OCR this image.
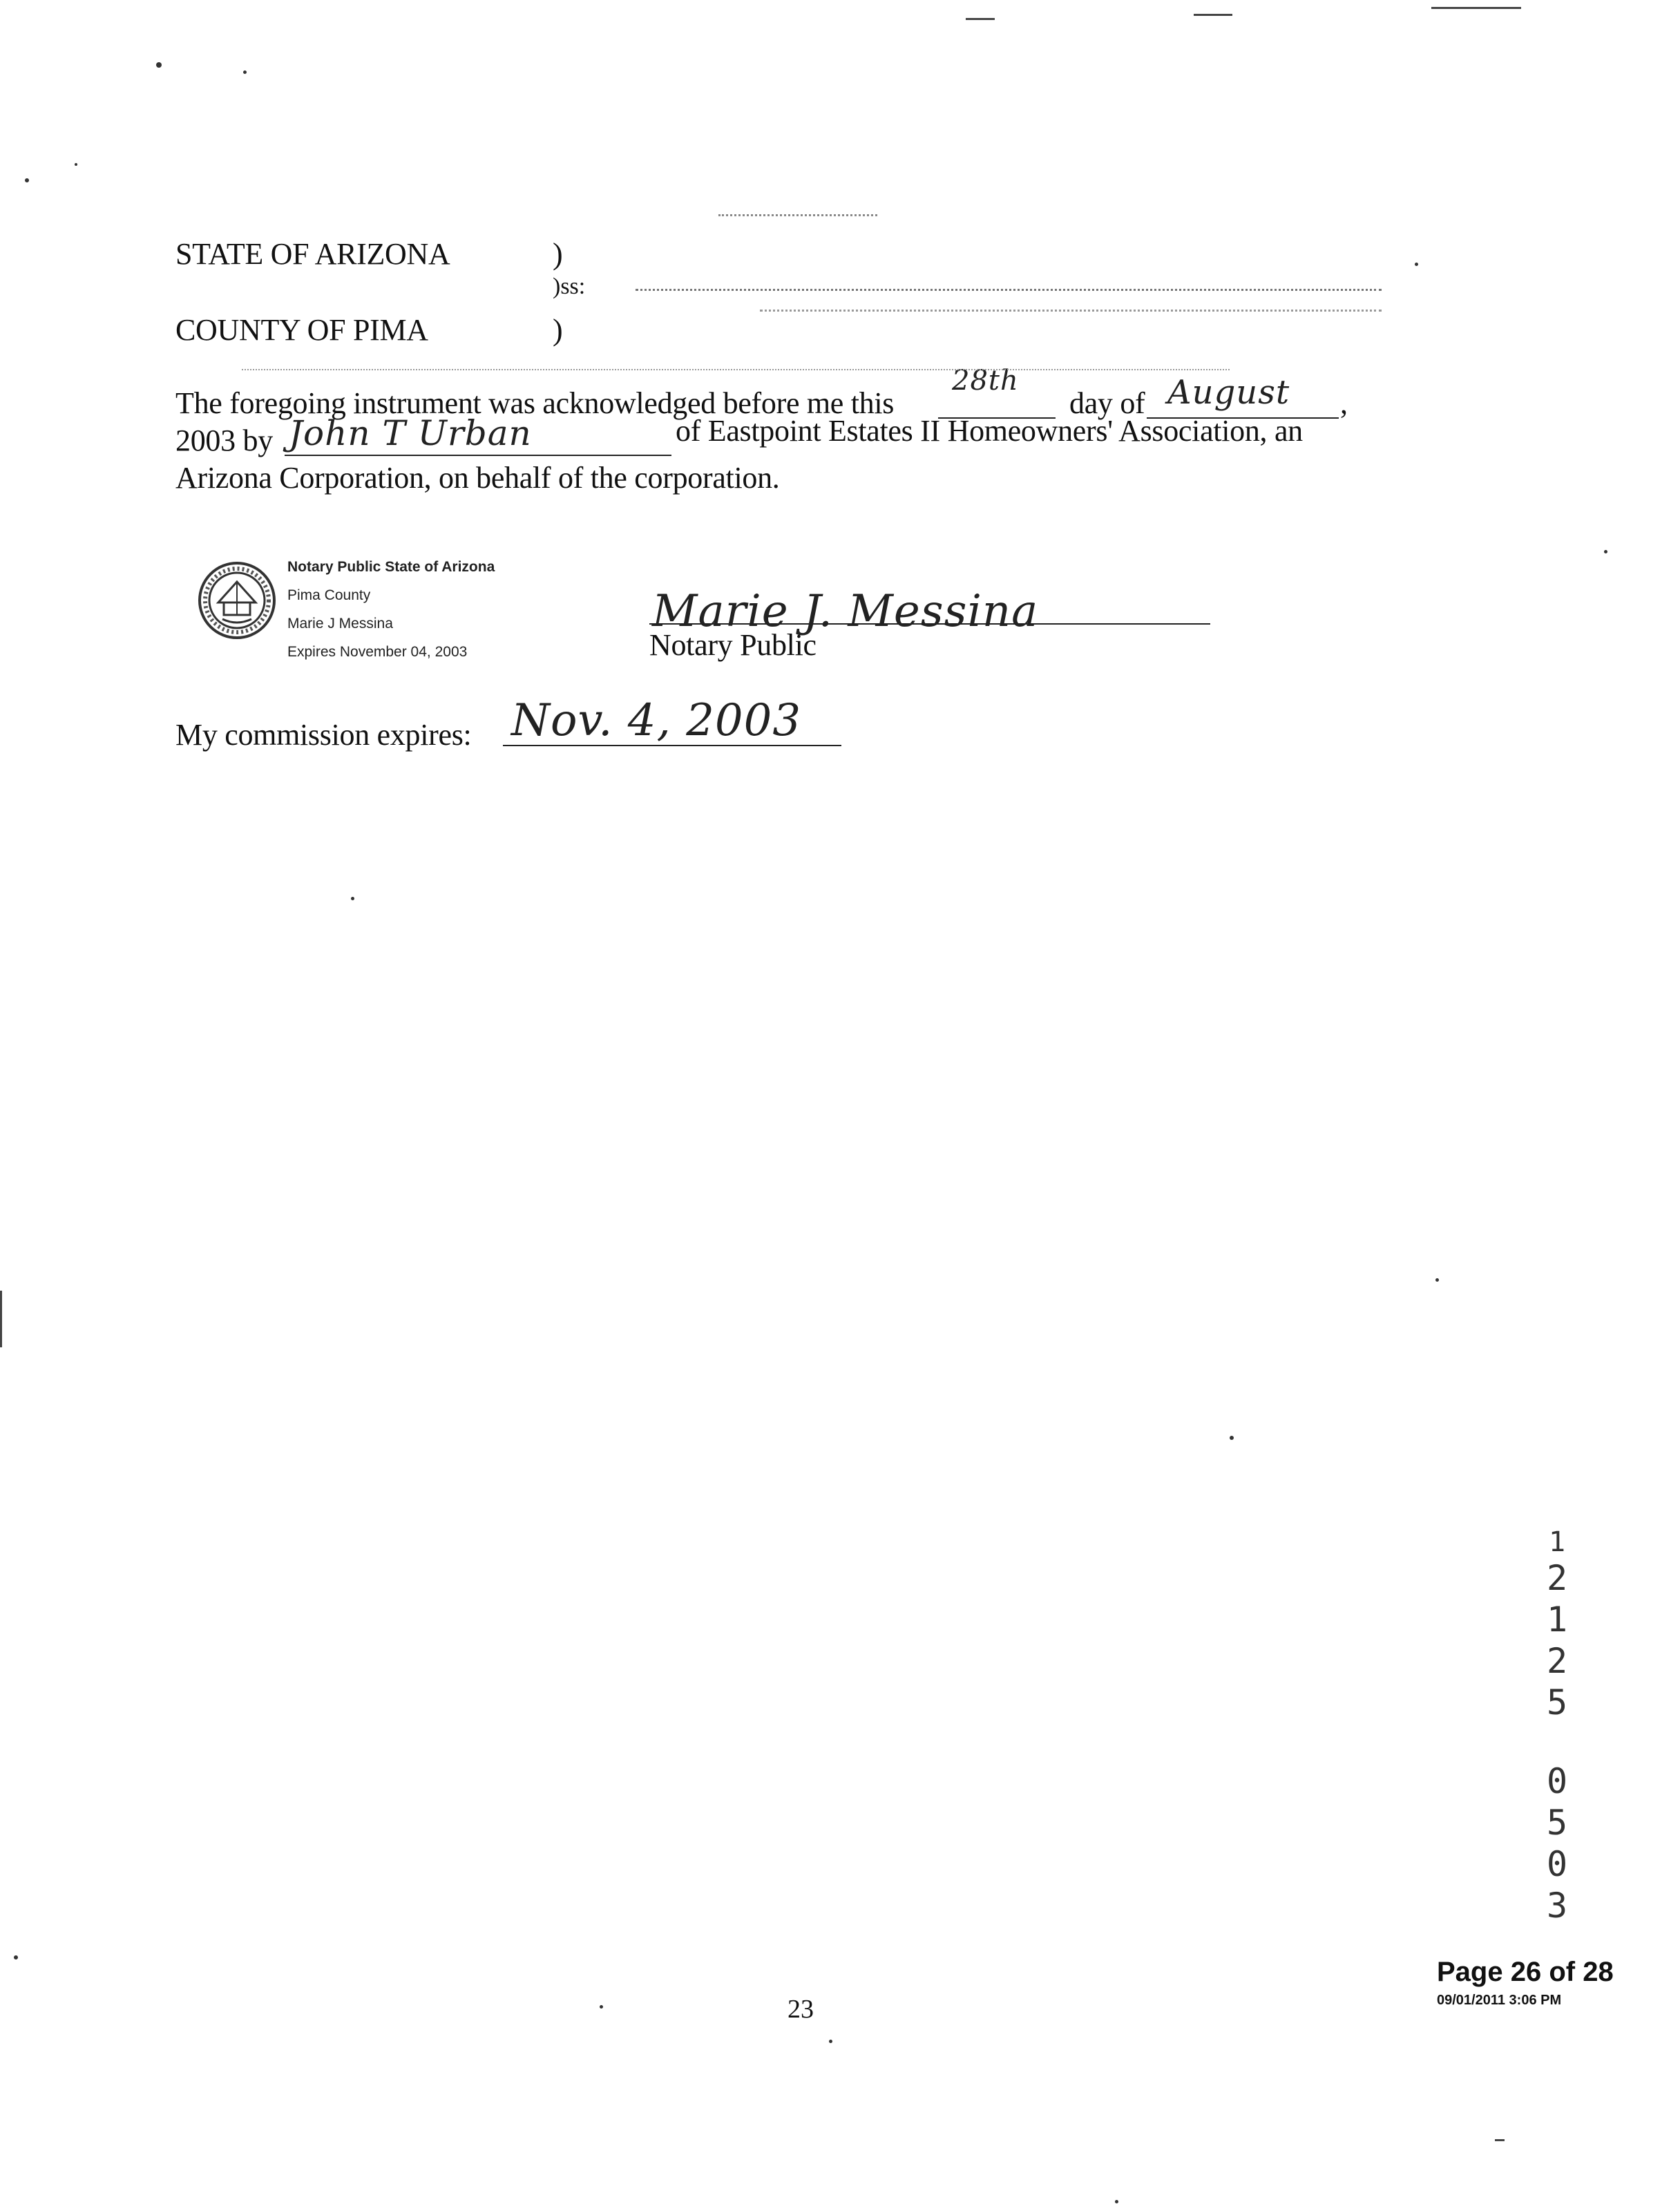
STATE OF ARIZONA	)
)ss:
COUNTY OF PIMA	)
The foregoing instrument was acknowledged before me this
28th
day of August ,
2003 by John T Urban	of Eastpoint Estates II Homeowners' Association, an
Arizona Corporation, on behalf of the corporation.
Notary Public State of Arizona
Pima County
Marie J Messina
Expires November 04, 2003
Marie J. Messina
Notary Public
My commission expires: Nov. 4, 2003
1
2
1
2
5
0
5
0
3
23
Page 26 of 28
09/01/2011 3:06 PM
